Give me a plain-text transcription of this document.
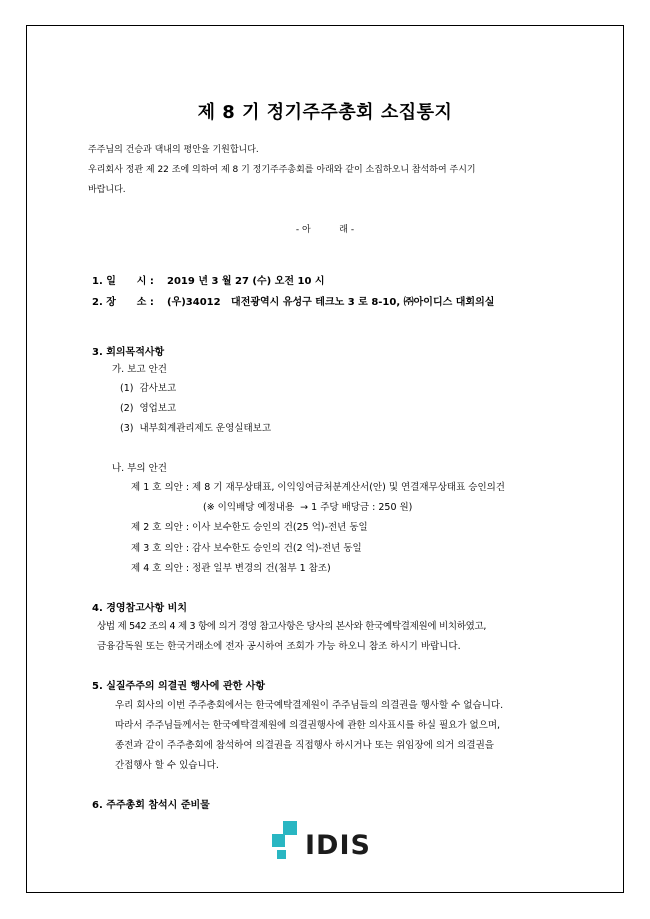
제 8 기 정기주주총회 소집통지
주주님의 건승과 댁내의 평안을 기원합니다.
우리회사 정관 제 22 조에 의하여 제 8 기 정기주주총회를 아래와 같이 소집하오니 참석하여 주시기
바랍니다.
- 아          래 -
1. 일      시 : 2019 년 3 월 27 (수) 오전 10 시
2. 장      소 : (우)34012   대전광역시 유성구 테크노 3 로 8-10, ㈜아이디스 대회의실
3. 회의목적사항
가. 보고 안건
(1)  감사보고
(2)  영업보고
(3)  내부회계관리제도 운영실태보고
나. 부의 안건
제 1 호 의안 : 제 8 기 재무상태표, 이익잉여금처분계산서(안) 및 연결재무상태표 승인의건
(※ 이익배당 예정내용  → 1 주당 배당금 : 250 원)
제 2 호 의안 : 이사 보수한도 승인의 건(25 억)-전년 동일
제 3 호 의안 : 감사 보수한도 승인의 건(2 억)-전년 동일
제 4 호 의안 : 정관 일부 변경의 건(첨부 1 참조)
4. 경영참고사항 비치
상법 제 542 조의 4 제 3 항에 의거 경영 참고사항은 당사의 본사와 한국예탁결제원에 비치하였고,
금융감독원 또는 한국거래소에 전자 공시하여 조회가 가능 하오니 참조 하시기 바랍니다.
5. 실질주주의 의결권 행사에 관한 사항
우리 회사의 이번 주주총회에서는 한국예탁결제원이 주주님들의 의결권을 행사할 수 없습니다.
따라서 주주님들께서는 한국예탁결제원에 의결권행사에 관한 의사표시를 하실 필요가 없으며,
종전과 같이 주주총회에 참석하여 의결권을 직접행사 하시거나 또는 위임장에 의거 의결권을
간접행사 할 수 있습니다.
6. 주주총회 참석시 준비물
IDIS
